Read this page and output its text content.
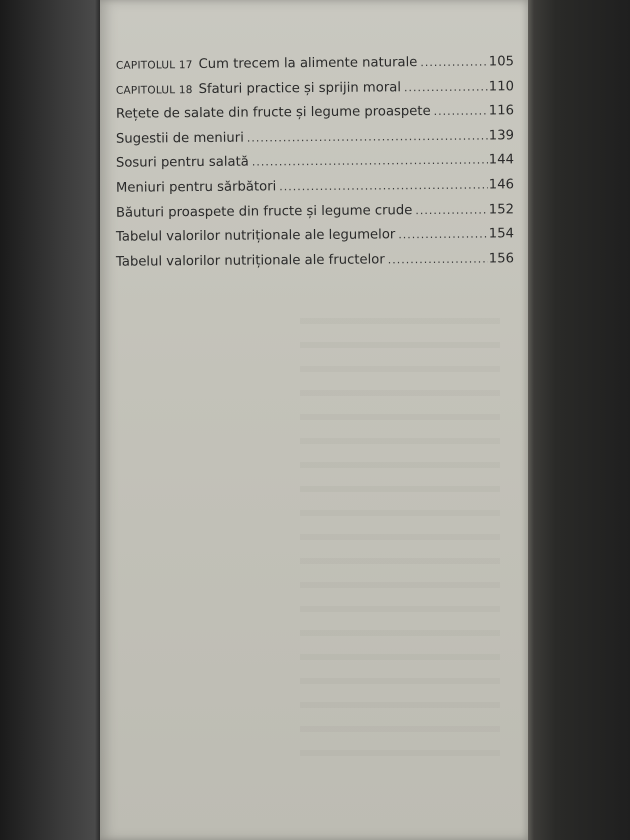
CAPITOLUL 17 Cum trecem la alimente naturale .....	105
CAPITOLUL 18 Sfaturi practice și sprijin moral .....	110
Rețete de salate din fructe și legume proaspete .....	116
Sugestii de meniuri .....	139
Sosuri pentru salată .....	144
Meniuri pentru sărbători .....	146
Băuturi proaspete din fructe și legume crude .....	152
Tabelul valorilor nutriționale ale legumelor .....	154
Tabelul valorilor nutriționale ale fructelor .....	156
